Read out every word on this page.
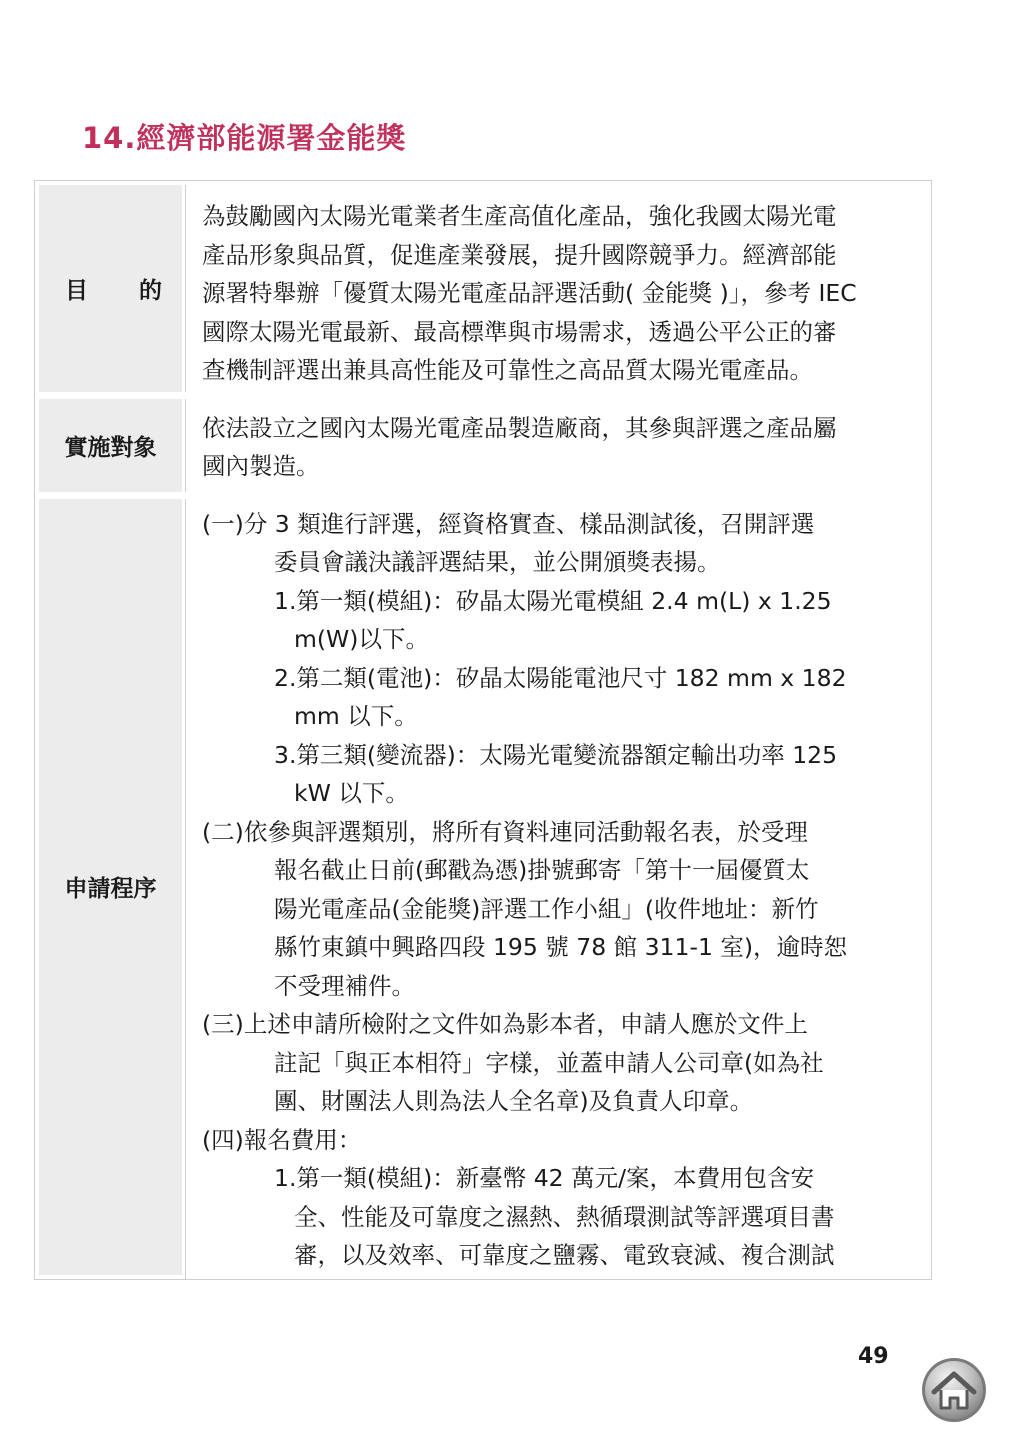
14.經濟部能源署金能獎
目 的
為鼓勵國內太陽光電業者生產高值化產品，強化我國太陽光電
產品形象與品質，促進產業發展，提升國際競爭力。經濟部能
源署特舉辦「優質太陽光電產品評選活動( 金能獎 )」，參考 IEC
國際太陽光電最新、最高標準與市場需求，透過公平公正的審
查機制評選出兼具高性能及可靠性之高品質太陽光電產品。
實施對象
依法設立之國內太陽光電產品製造廠商，其參與評選之產品屬
國內製造。
申請程序
(一)分 3 類進行評選，經資格實查、樣品測試後，召開評選
委員會議決議評選結果，並公開頒獎表揚。
1.第一類(模組)：矽晶太陽光電模組 2.4 m(L) x 1.25
m(W)以下。
2.第二類(電池)：矽晶太陽能電池尺寸 182 mm x 182
mm 以下。
3.第三類(變流器)：太陽光電變流器額定輸出功率 125
kW 以下。
(二)依參與評選類別，將所有資料連同活動報名表，於受理
報名截止日前(郵戳為憑)掛號郵寄「第十一屆優質太
陽光電產品(金能獎)評選工作小組」(收件地址：新竹
縣竹東鎮中興路四段 195 號 78 館 311-1 室)，逾時恕
不受理補件。
(三)上述申請所檢附之文件如為影本者，申請人應於文件上
註記「與正本相符」字樣，並蓋申請人公司章(如為社
團、財團法人則為法人全名章)及負責人印章。
(四)報名費用：
1.第一類(模組)：新臺幣 42 萬元/案，本費用包含安
全、性能及可靠度之濕熱、熱循環測試等評選項目書
審，以及效率、可靠度之鹽霧、電致衰減、複合測試
49
